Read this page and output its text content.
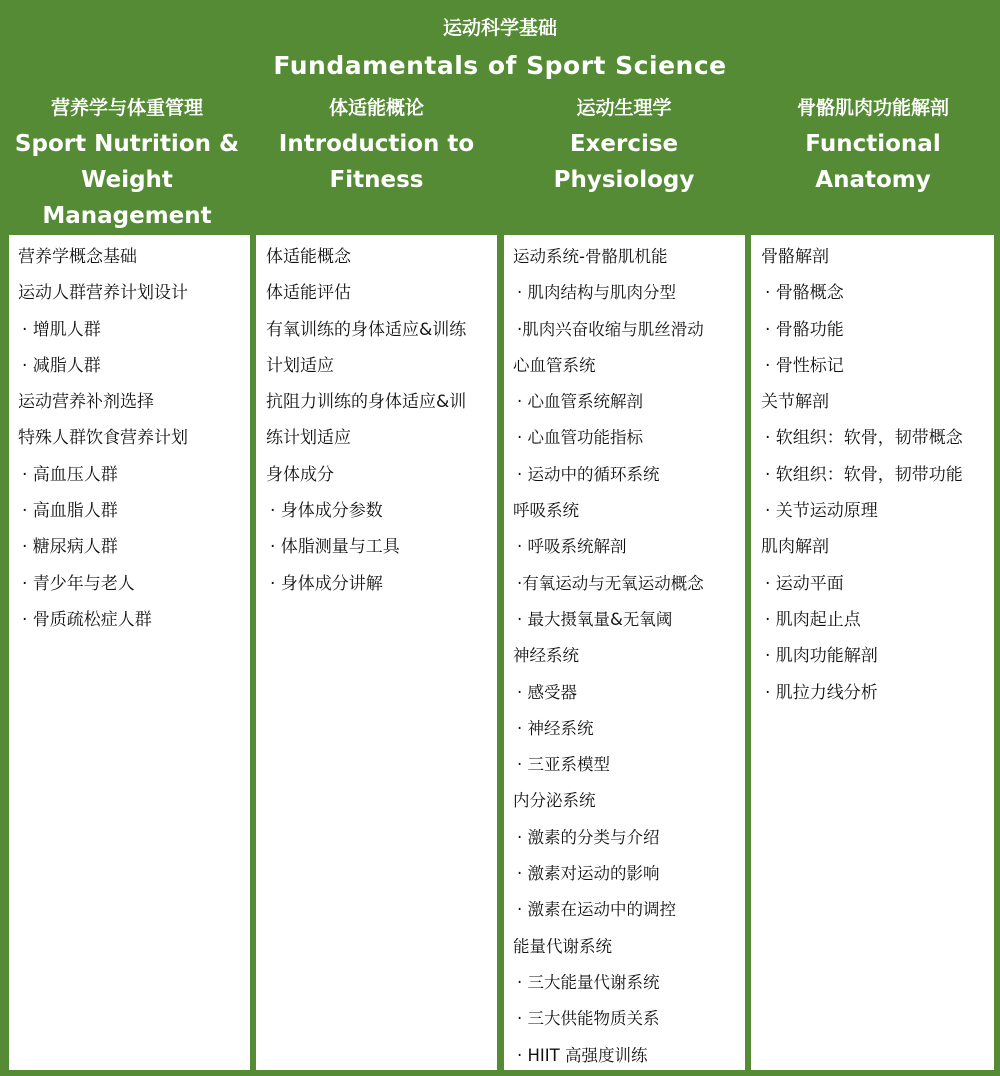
运动科学基础
Fundamentals of Sport Science
营养学与体重管理
Sport Nutrition & Weight Management
体适能概论
Introduction to Fitness
运动生理学
Exercise Physiology
骨骼肌肉功能解剖
Functional Anatomy
营养学概念基础
运动人群营养计划设计
· 增肌人群
· 减脂人群
运动营养补剂选择
特殊人群饮食营养计划
· 高血压人群
· 高血脂人群
· 糖尿病人群
· 青少年与老人
· 骨质疏松症人群
体适能概念
体适能评估
有氧训练的身体适应&训练
计划适应
抗阻力训练的身体适应&训
练计划适应
身体成分
· 身体成分参数
· 体脂测量与工具
· 身体成分讲解
运动系统-骨骼肌机能
· 肌肉结构与肌肉分型
·肌肉兴奋收缩与肌丝滑动
心血管系统
· 心血管系统解剖
· 心血管功能指标
· 运动中的循环系统
呼吸系统
· 呼吸系统解剖
·有氧运动与无氧运动概念
· 最大摄氧量&无氧阈
神经系统
· 感受器
· 神经系统
· 三亚系模型
内分泌系统
· 激素的分类与介绍
· 激素对运动的影响
· 激素在运动中的调控
能量代谢系统
· 三大能量代谢系统
· 三大供能物质关系
· HIIT 高强度训练
骨骼解剖
· 骨骼概念
· 骨骼功能
· 骨性标记
关节解剖
· 软组织：软骨，韧带概念
· 软组织：软骨，韧带功能
· 关节运动原理
肌肉解剖
· 运动平面
· 肌肉起止点
· 肌肉功能解剖
· 肌拉力线分析
